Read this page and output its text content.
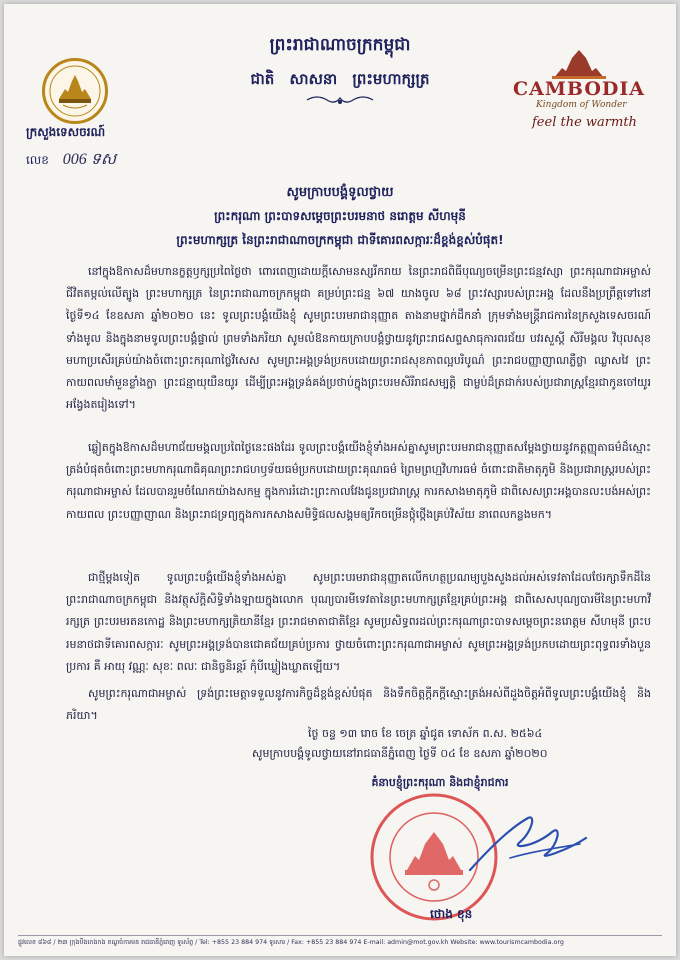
ព្រះរាជាណាចក្រកម្ពុជា
ជាតិ សាសនា ព្រះមហាក្សត្រ	CAMBODIA
Kingdom of Wonder
feel the warmth
ក្រសួងទេសចរណ៍
លេខ 006 ទស
សូមក្រាបបង្គំទូលថ្វាយ
ព្រះករុណា ព្រះបាទសម្តេចព្រះបរមនាថ នរោត្តម សីហមុនី
ព្រះមហាក្សត្រ នៃព្រះរាជាណាចក្រកម្ពុជា ជាទីគោរពសក្ការៈដ៏ខ្ពង់ខ្ពស់បំផុត!
នៅក្នុងឱកាសដ៏មហានក្ខត្តឫក្សប្រពៃថ្ងៃថា ពោរពេញដោយក្តីសោមនស្សរីករាយ នៃព្រះរាជពិធីបុណ្យចម្រើនព្រះជន្មវស្សា ព្រះករុណាជាអម្ចាស់ជីវិតតម្កល់លើត្បូង ព្រះមហាក្សត្រ នៃព្រះរាជាណាចក្រកម្ពុជា គម្រប់ព្រះជន្ម ៦៧ យាងចូល ៦៨ ព្រះវស្សារបស់ព្រះអង្គ ដែលនឹងប្រព្រឹត្តទៅនៅថ្ងៃទី១៤ ខែឧសភា ឆ្នាំ២០២០ នេះ ទូលព្រះបង្គំយើងខ្ញុំ សូមព្រះបរមរាជានុញ្ញាត តាងនាមថ្នាក់ដឹកនាំ ក្រុមទាំងមន្ត្រីរាជការនៃក្រសួងទេសចរណ៍ទាំងមូល និងក្នុងនាមទូលព្រះបង្គំផ្ទាល់ ព្រមទាំងភរិយា សូមលំឱនកាយក្រាបបង្គំថ្វាយនូវព្រះរាជសព្ទសាធុការពរជ័យ បវរសួស្តី សិរីមង្គល វិបុលសុខ មហាប្រសើរគ្រប់យ៉ាងចំពោះព្រះករុណាថ្លៃវិសេស សូមព្រះអង្គទ្រង់ប្រកបដោយព្រះរាជសុខភាពល្អបរិបូណ៌ ព្រះរាជបញ្ញាញាណភ្លឺថ្លា ឈ្លាសវៃ ព្រះកាយពលមាំមួនខ្លាំងក្លា ព្រះជន្មាយុយឺនយូរ ដើម្បីព្រះអង្គទ្រង់គង់ប្រថាប់ក្នុងព្រះបរមសិរីរាជសម្បត្តិ ជាម្លប់ដ៏ត្រជាក់របស់ប្រជារាស្ត្រខ្មែរជាកូនចៅយូរអង្វែងតរៀងទៅ។
ឆ្លៀតក្នុងឱកាសដ៏មហាជ័យមង្គលប្រពៃថ្ងៃនេះផងដែរ ទូលព្រះបង្គំយើងខ្ញុំទាំងអស់គ្នាសូមព្រះបរមរាជានុញ្ញាតសម្តែងថ្វាយនូវកត្តញ្ញុតាធម៌ដ៏ស្មោះត្រង់បំផុតចំពោះព្រះមហាករុណាធិគុណព្រះរាជហឫទ័យធម៌ប្រកបដោយព្រះគុណធម៌ ព្រៃមព្រហ្មវិហារធម៌ ចំពោះជាតិមាតុភូមិ និងប្រជារាស្ត្ររបស់ព្រះករុណាជាអម្ចាស់ ដែលបានរួមចំណែកយ៉ាងសកម្ម ក្នុងការរំដោះព្រះកាលវែងជូនប្រជារាស្ត្រ ការកសាងមាតុភូមិ ជាពិសេសព្រះអង្គបានលះបង់អស់ព្រះកាយពល ព្រះបញ្ញាញាណ និងព្រះរាជទ្រព្យក្នុងការកសាងសមិទ្ធិផលសង្គមឲ្យរីកចម្រើនថ្កុំថ្កើងគ្រប់វិស័យ នាពេលកន្លងមក។
ជាថ្មីម្តងទៀត ទូលព្រះបង្គំយើងខ្ញុំទាំងអស់គ្នា សូមព្រះបរមរាជានុញ្ញាតលើកហត្ថប្រណម្យបួងសួងដល់អស់ទេវតាដែលថែរក្សាទឹកដីនៃព្រះរាជាណាចក្រកម្ពុជា និងវត្ថុស័ក្តិសិទ្ធិទាំងឡាយក្នុងលោក បុណ្យបារមីទេវតានៃព្រះមហាក្សត្រខ្មែរគ្រប់ព្រះអង្គ ជាពិសេសបុណ្យបារមីនៃព្រះមហាវីរក្សត្រ ព្រះបរមរតនកោដ្ឋ និងព្រះមហាក្សត្រិយានីខ្មែរ ព្រះរាជមាតាជាតិខ្មែរ សូមប្រសិទ្ធពរដល់ព្រះករុណាព្រះបាទសម្តេចព្រះនរោត្តម សីហមុនី ព្រះបរមនាថជាទីគោរពសក្ការៈ សូមព្រះអង្គទ្រង់បានជោគជ័យគ្រប់ប្រការ ថ្វាយចំពោះព្រះករុណាជាអម្ចាស់ សូមព្រះអង្គទ្រង់ប្រកបដោយព្រះពុទ្ធពរទាំងបួនប្រការ គឺ អាយុ វណ្ណៈ សុខៈ ពលៈ ជានិច្ចនិរន្តរ៍ កុំបីឃ្លៀងឃ្លាតឡើយ។
សូមព្រះករុណាជាអម្ចាស់ ទ្រង់ព្រះមេត្តាទទួលនូវការកិច្ចដ៏ខ្ពង់ខ្ពស់បំផុត និងទឹកចិត្តក្តីភក្តីស្មោះត្រង់អស់ពីដួងចិត្តអំពីទូលព្រះបង្គំយើងខ្ញុំ និងភរិយា។
ថ្ងៃ ចន្ទ ១៣ រោច ខែ ចេត្រ ឆ្នាំជូត ទោស័ក ព.ស. ២៥៦៤
សូមក្រាបបង្គំទូលថ្វាយនៅរាជធានីភ្នំពេញ ថ្ងៃទី ០៤ ខែ ឧសភា ឆ្នាំ២០២០
គំនាបខ្ញុំព្រះករុណា និងជាខ្ញុំរាជការ
ថោង ខុន
ផ្លូវលេខ ៨៦៨ / ២៣ ក្រុងបឹងកេងកង ខណ្ឌចំការមន រាជធានីភ្នំពេញ ទូរស័ព្ទ / Tel: +855 23 884 974 ទូរសារ / Fax: +855 23 884 974 E-mail: admin@mot.gov.kh Website: www.tourismcambodia.org
